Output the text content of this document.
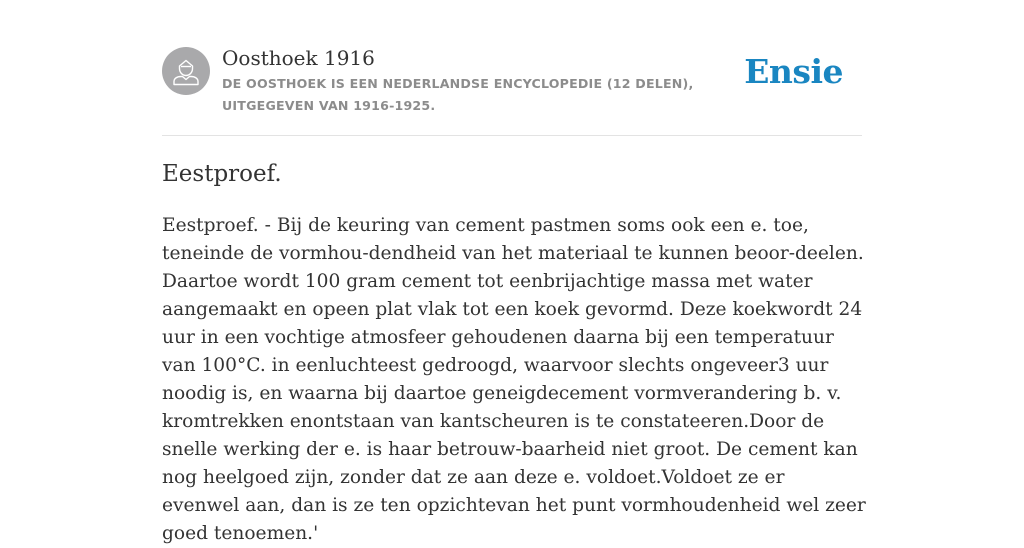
Oosthoek 1916

DE OOSTHOEK IS EEN NEDERLANDSE ENCYCLOPEDIE (12 DELEN), UITGEGEVEN VAN 1916-1925.

Ensie
Eestproef.

Eestproef. - Bij de keuring van cement pastmen soms ook een e. toe, teneinde de vormhou-dendheid van het materiaal te kunnen beoor-deelen. Daartoe wordt 100 gram cement tot eenbrijachtige massa met water aangemaakt en opeen plat vlak tot een koek gevormd. Deze koekwordt 24 uur in een vochtige atmosfeer gehoudenen daarna bij een temperatuur van 100°C. in eenluchteest gedroogd, waarvoor slechts ongeveer3 uur noodig is, en waarna bij daartoe geneigdecement vormverandering b. v. kromtrekken enontstaan van kantscheuren is te constateeren.Door de snelle werking der e. is haar betrouw-baarheid niet groot. De cement kan nog heelgoed zijn, zonder dat ze aan deze e. voldoet.Voldoet ze er evenwel aan, dan is ze ten opzichtevan het punt vormhoudenheid wel zeer goed tenoemen.'
